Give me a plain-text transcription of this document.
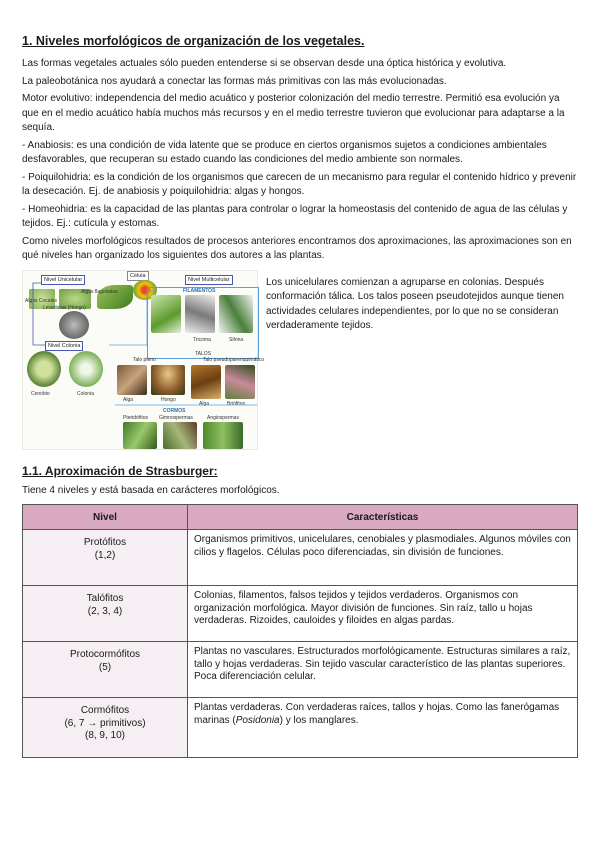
1. Niveles morfológicos de organización de los vegetales.

Las formas vegetales actuales sólo pueden entenderse si se observan desde una óptica histórica y evolutiva.

La paleobotánica nos ayudará a conectar las formas más primitivas con las más evolucionadas.

Motor evolutivo: independencia del medio acuático y posterior colonización del medio terrestre. Permitió esa evolución ya que en el medio acuático había muchos más recursos y en el medio terrestre tuvieron que evolucionar para adaptarse a la sequía.

- Anabiosis: es una condición de vida latente que se produce en ciertos organismos sujetos a condiciones ambientales desfavorables, que recuperan su estado cuando las condiciones del medio ambiente son normales.

- Poiquilohidria: es la condición de los organismos que carecen de un mecanismo para regular el contenido hídrico y prevenir la desecación. Ej. de anabiosis y poiquilohidria: algas y hongos.

- Homeohidria: es la capacidad de las plantas para controlar o lograr la homeostasis del contenido de agua de las células y tejidos. Ej.: cutícula y estomas.

Como niveles morfológicos resultados de procesos anteriores encontramos dos aproximaciones, las aproximaciones son en qué niveles han organizado los siguientes dos autores a las plantas.

Nivel Unicelular
Célula
Nivel Multicelular
Algas Cocales
Algas flageladas
Levaduras (Hongo)
FILAMENTOS
Tricoma	Sifona
TALOS
Nivel Colonia
Cenobio	Colonia
Talo pleno	Talo pseudoparenquimático
Alga	Hongo
Alga	Briófitos
CORMOS
Pteridófitos Gimnospermas	Angiospermas
Los unicelulares comienzan a agruparse en colonias. Después conformación tálica. Los talos poseen pseudotejidos aunque tienen actividades celulares independientes, por lo que no se consideran verdaderamente tejidos.
1.1. Aproximación de Strasburger:

Tiene 4 niveles y está basada en carácteres morfológicos.

Nivel	Características

Protófitos
(1,2)	Organismos primitivos, unicelulares, cenobiales y plasmodiales. Algunos móviles con cilios y flagelos. Células poco diferenciadas, sin división de funciones.

Talófitos
(2, 3, 4)	Colonias, filamentos, falsos tejidos y tejidos verdaderos. Organismos con organización morfológica. Mayor división de funciones. Sin raíz, tallo u hojas verdaderas. Rizoides, cauloides y filoides en algas pardas.

Protocormófitos
(5)	Plantas no vasculares. Estructurados morfológicamente. Estructuras similares a raíz, tallo y hojas verdaderas. Sin tejido vascular característico de las plantas superiores. Poca diferenciación celular.

Cormófitos
(6, 7 → primitivos)
(8, 9, 10)	Plantas verdaderas. Con verdaderas raíces, tallos y hojas. Como las fanerógamas marinas (Posidonia) y los manglares.
